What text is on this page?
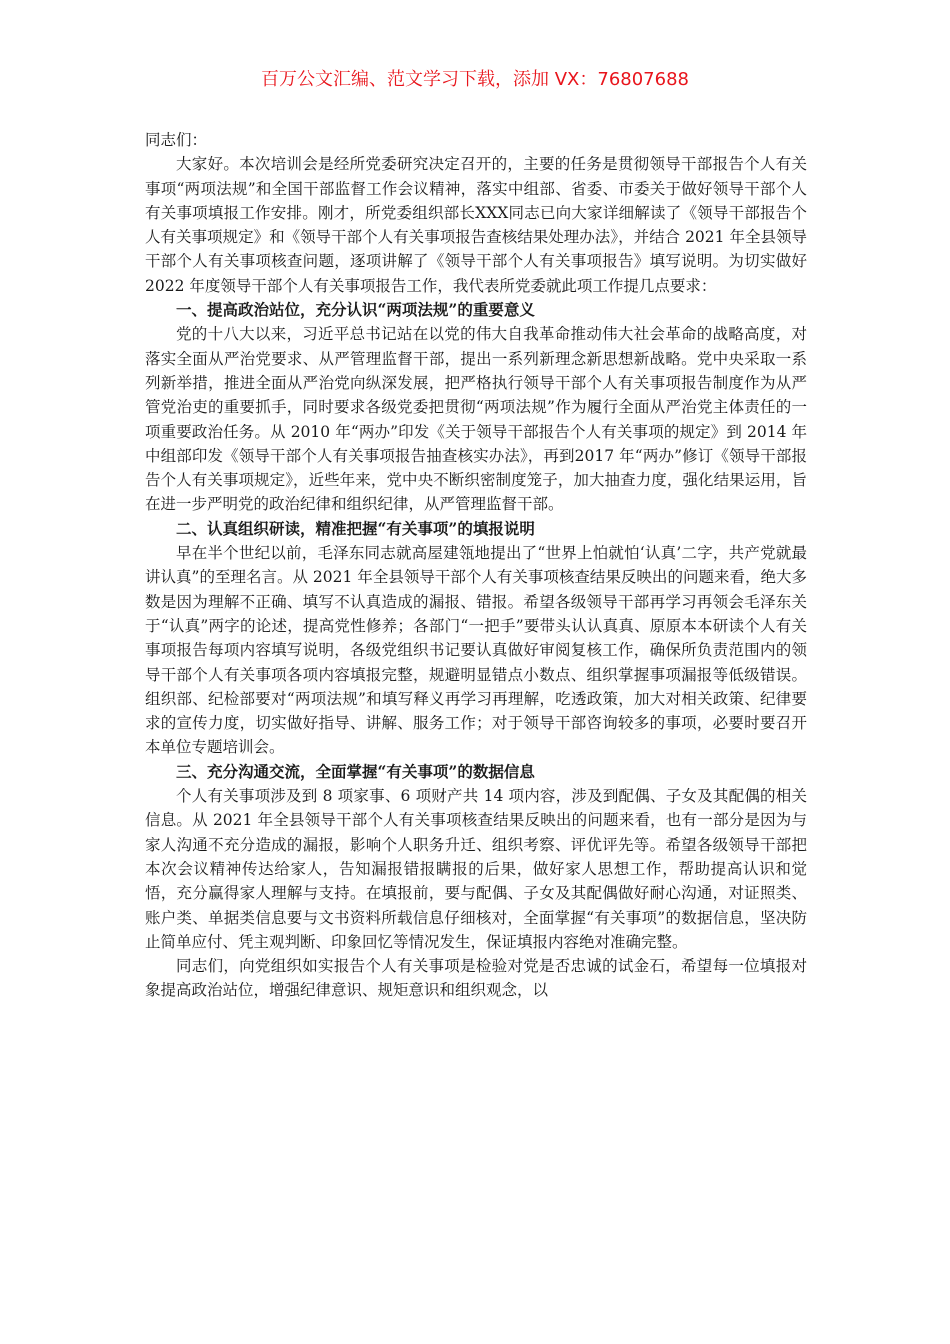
百万公文汇编、范文学习下载，添加 VX：76807688

同志们：

大家好。本次培训会是经所党委研究决定召开的，主要的任务是贯彻领导干部报告个人有关事项“两项法规”和全国干部监督工作会议精神，落实中组部、省委、市委关于做好领导干部个人有关事项填报工作安排。刚才，所党委组织部长XXX同志已向大家详细解读了《领导干部报告个人有关事项规定》和《领导干部个人有关事项报告查核结果处理办法》，并结合 2021 年全县领导干部个人有关事项核查问题，逐项讲解了《领导干部个人有关事项报告》填写说明。为切实做好 2022 年度领导干部个人有关事项报告工作，我代表所党委就此项工作提几点要求：

一、提高政治站位，充分认识“两项法规”的重要意义

党的十八大以来，习近平总书记站在以党的伟大自我革命推动伟大社会革命的战略高度，对落实全面从严治党要求、从严管理监督干部，提出一系列新理念新思想新战略。党中央采取一系列新举措，推进全面从严治党向纵深发展，把严格执行领导干部个人有关事项报告制度作为从严管党治吏的重要抓手，同时要求各级党委把贯彻“两项法规”作为履行全面从严治党主体责任的一项重要政治任务。从 2010 年“两办”印发《关于领导干部报告个人有关事项的规定》到 2014 年中组部印发《领导干部个人有关事项报告抽查核实办法》，再到2017 年“两办”修订《领导干部报告个人有关事项规定》，近些年来，党中央不断织密制度笼子，加大抽查力度，强化结果运用，旨在进一步严明党的政治纪律和组织纪律，从严管理监督干部。

二、认真组织研读，精准把握“有关事项”的填报说明

早在半个世纪以前，毛泽东同志就高屋建瓴地提出了“世界上怕就怕‘认真’二字，共产党就最讲认真”的至理名言。从 2021 年全县领导干部个人有关事项核查结果反映出的问题来看，绝大多数是因为理解不正确、填写不认真造成的漏报、错报。希望各级领导干部再学习再领会毛泽东关于“认真”两字的论述，提高党性修养；各部门“一把手”要带头认认真真、原原本本研读个人有关事项报告每项内容填写说明，各级党组织书记要认真做好审阅复核工作，确保所负责范围内的领导干部个人有关事项各项内容填报完整，规避明显错点小数点、组织掌握事项漏报等低级错误。组织部、纪检部要对“两项法规”和填写释义再学习再理解，吃透政策，加大对相关政策、纪律要求的宣传力度，切实做好指导、讲解、服务工作；对于领导干部咨询较多的事项，必要时要召开本单位专题培训会。

三、充分沟通交流，全面掌握“有关事项”的数据信息

个人有关事项涉及到 8 项家事、6 项财产共 14 项内容，涉及到配偶、子女及其配偶的相关信息。从 2021 年全县领导干部个人有关事项核查结果反映出的问题来看，也有一部分是因为与家人沟通不充分造成的漏报，影响个人职务升迁、组织考察、评优评先等。希望各级领导干部把本次会议精神传达给家人，告知漏报错报瞒报的后果，做好家人思想工作，帮助提高认识和觉悟，充分赢得家人理解与支持。在填报前，要与配偶、子女及其配偶做好耐心沟通，对证照类、账户类、单据类信息要与文书资料所载信息仔细核对，全面掌握“有关事项”的数据信息，坚决防止简单应付、凭主观判断、印象回忆等情况发生，保证填报内容绝对准确完整。

同志们，向党组织如实报告个人有关事项是检验对党是否忠诚的试金石，希望每一位填报对象提高政治站位，增强纪律意识、规矩意识和组织观念，以
